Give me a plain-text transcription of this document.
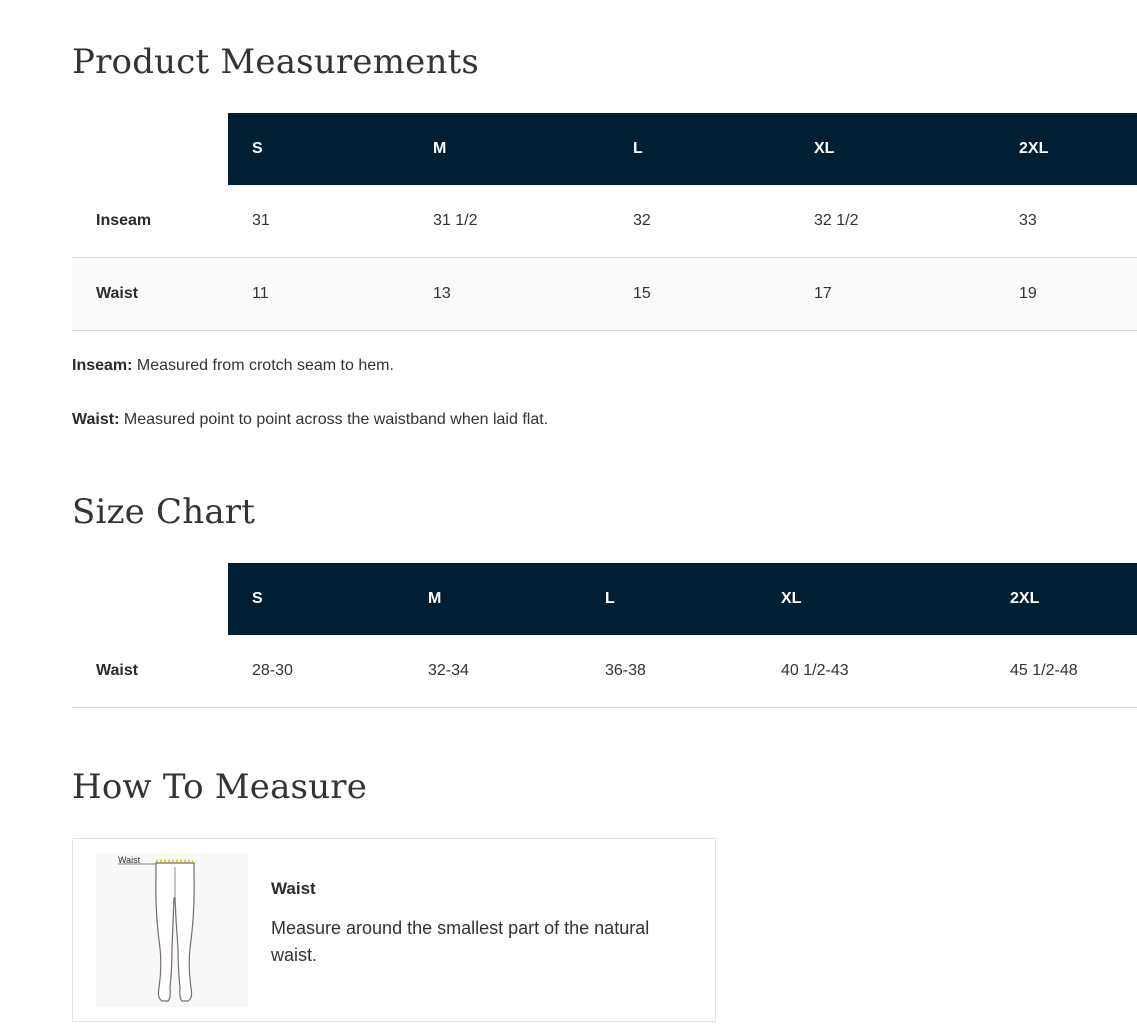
Product Measurements
	S	M	L	XL	2XL
Inseam	31	31 1/2	32	32 1/2	33
Waist	11	13	15	17	19
Inseam: Measured from crotch seam to hem.
Waist: Measured point to point across the waistband when laid flat.
Size Chart
	S	M	L	XL	2XL
Waist	28-30	32-34	36-38	40 1/2-43	45 1/2-48
How To Measure
Waist

Waist

Measure around the smallest part of the natural waist.
